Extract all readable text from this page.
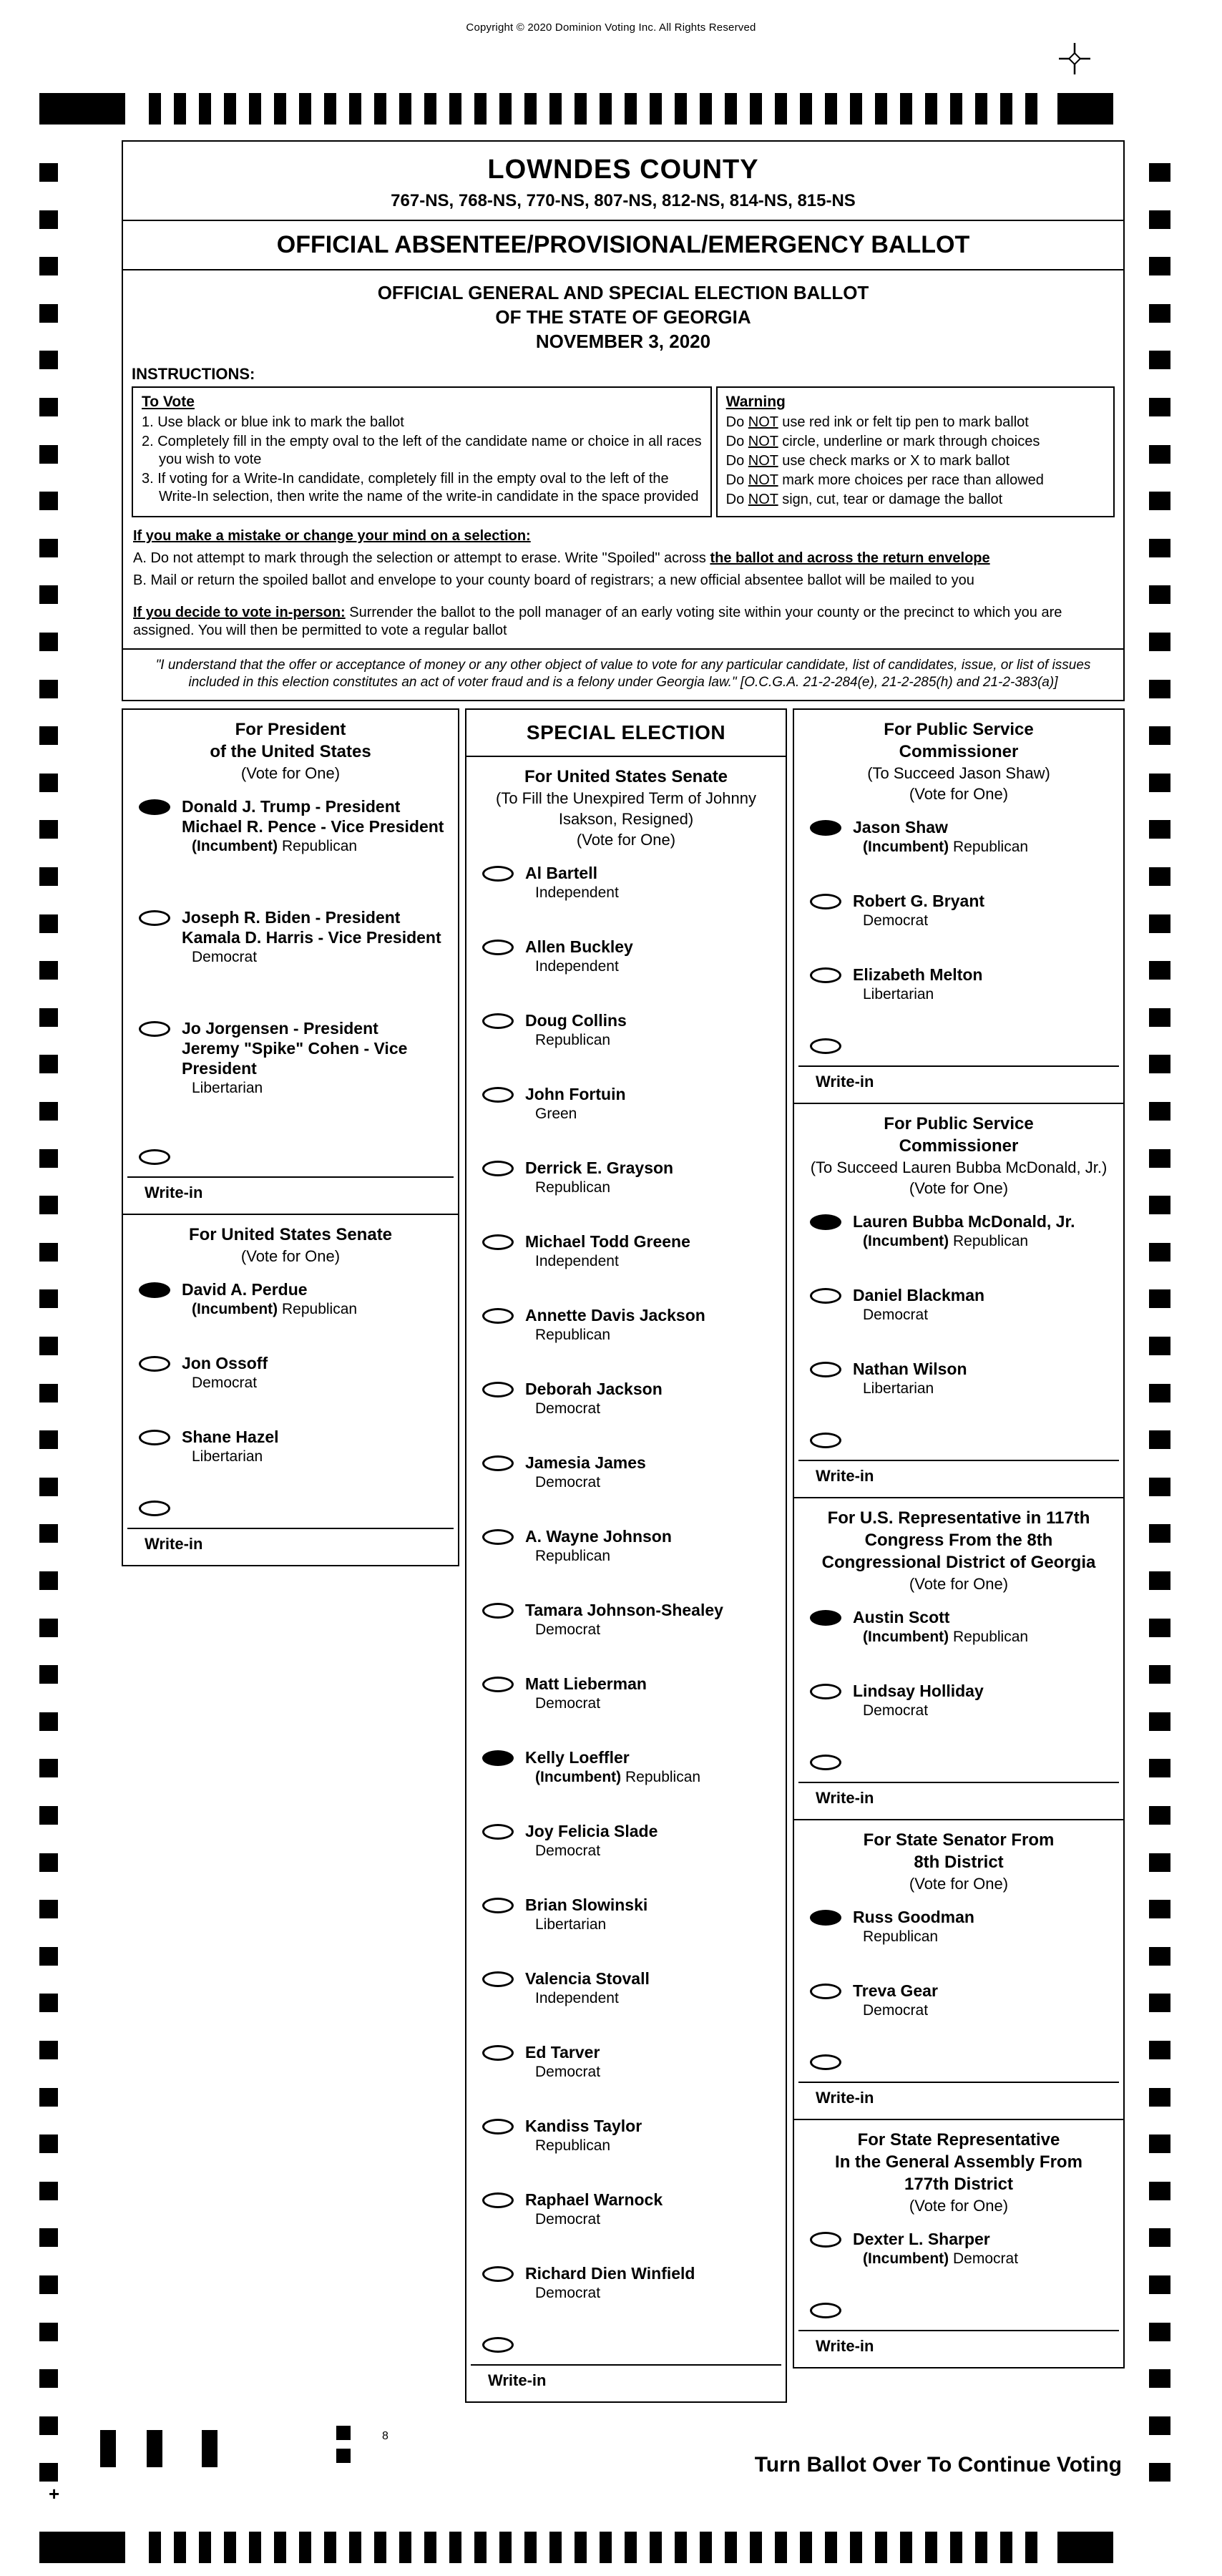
Copyright © 2020 Dominion Voting Inc. All Rights Reserved
LOWNDES COUNTY
767-NS, 768-NS, 770-NS, 807-NS, 812-NS, 814-NS, 815-NS
OFFICIAL ABSENTEE/PROVISIONAL/EMERGENCY BALLOT
OFFICIAL GENERAL AND SPECIAL ELECTION BALLOT
OF THE STATE OF GEORGIA
NOVEMBER 3, 2020
INSTRUCTIONS:
To Vote
1. Use black or blue ink to mark the ballot
2. Completely fill in the empty oval to the left of the candidate name or choice in all races you wish to vote
3. If voting for a Write-In candidate, completely fill in the empty oval to the left of the Write-In selection, then write the name of the write-in candidate in the space provided
Warning
Do NOT use red ink or felt tip pen to mark ballot
Do NOT circle, underline or mark through choices
Do NOT use check marks or X to mark ballot
Do NOT mark more choices per race than allowed
Do NOT sign, cut, tear or damage the ballot
If you make a mistake or change your mind on a selection:
A. Do not attempt to mark through the selection or attempt to erase. Write "Spoiled" across the ballot and across the return envelope
B. Mail or return the spoiled ballot and envelope to your county board of registrars; a new official absentee ballot will be mailed to you
If you decide to vote in-person: Surrender the ballot to the poll manager of an early voting site within your county or the precinct to which you are assigned. You will then be permitted to vote a regular ballot
"I understand that the offer or acceptance of money or any other object of value to vote for any particular candidate, list of candidates, issue, or list of issues included in this election constitutes an act of voter fraud and is a felony under Georgia law." [O.C.G.A. 21-2-284(e), 21-2-285(h) and 21-2-383(a)]
For President
of the United States
(Vote for One)
Donald J. Trump - President
Michael R. Pence - Vice President
(Incumbent) Republican
Joseph R. Biden - President
Kamala D. Harris - Vice President
Democrat
Jo Jorgensen - President
Jeremy "Spike" Cohen - Vice President
Libertarian
Write-in
For United States Senate
(Vote for One)
David A. Perdue
(Incumbent) Republican
Jon Ossoff
Democrat
Shane Hazel
Libertarian
Write-in
SPECIAL ELECTION
For United States Senate
(To Fill the Unexpired Term of Johnny
Isakson, Resigned)
(Vote for One)
Al Bartell
Independent
Allen Buckley
Independent
Doug Collins
Republican
John Fortuin
Green
Derrick E. Grayson
Republican
Michael Todd Greene
Independent
Annette Davis Jackson
Republican
Deborah Jackson
Democrat
Jamesia James
Democrat
A. Wayne Johnson
Republican
Tamara Johnson-Shealey
Democrat
Matt Lieberman
Democrat
Kelly Loeffler
(Incumbent) Republican
Joy Felicia Slade
Democrat
Brian Slowinski
Libertarian
Valencia Stovall
Independent
Ed Tarver
Democrat
Kandiss Taylor
Republican
Raphael Warnock
Democrat
Richard Dien Winfield
Democrat
Write-in
For Public Service
Commissioner
(To Succeed Jason Shaw)
(Vote for One)
Jason Shaw
(Incumbent) Republican
Robert G. Bryant
Democrat
Elizabeth Melton
Libertarian
Write-in
For Public Service
Commissioner
(To Succeed Lauren Bubba McDonald, Jr.)
(Vote for One)
Lauren Bubba McDonald, Jr.
(Incumbent) Republican
Daniel Blackman
Democrat
Nathan Wilson
Libertarian
Write-in
For U.S. Representative in 117th
Congress From the 8th
Congressional District of Georgia
(Vote for One)
Austin Scott
(Incumbent) Republican
Lindsay Holliday
Democrat
Write-in
For State Senator From
8th District
(Vote for One)
Russ Goodman
Republican
Treva Gear
Democrat
Write-in
For State Representative
In the General Assembly From
177th District
(Vote for One)
Dexter L. Sharper
(Incumbent) Democrat
Write-in
Turn Ballot Over To Continue Voting
+
8
